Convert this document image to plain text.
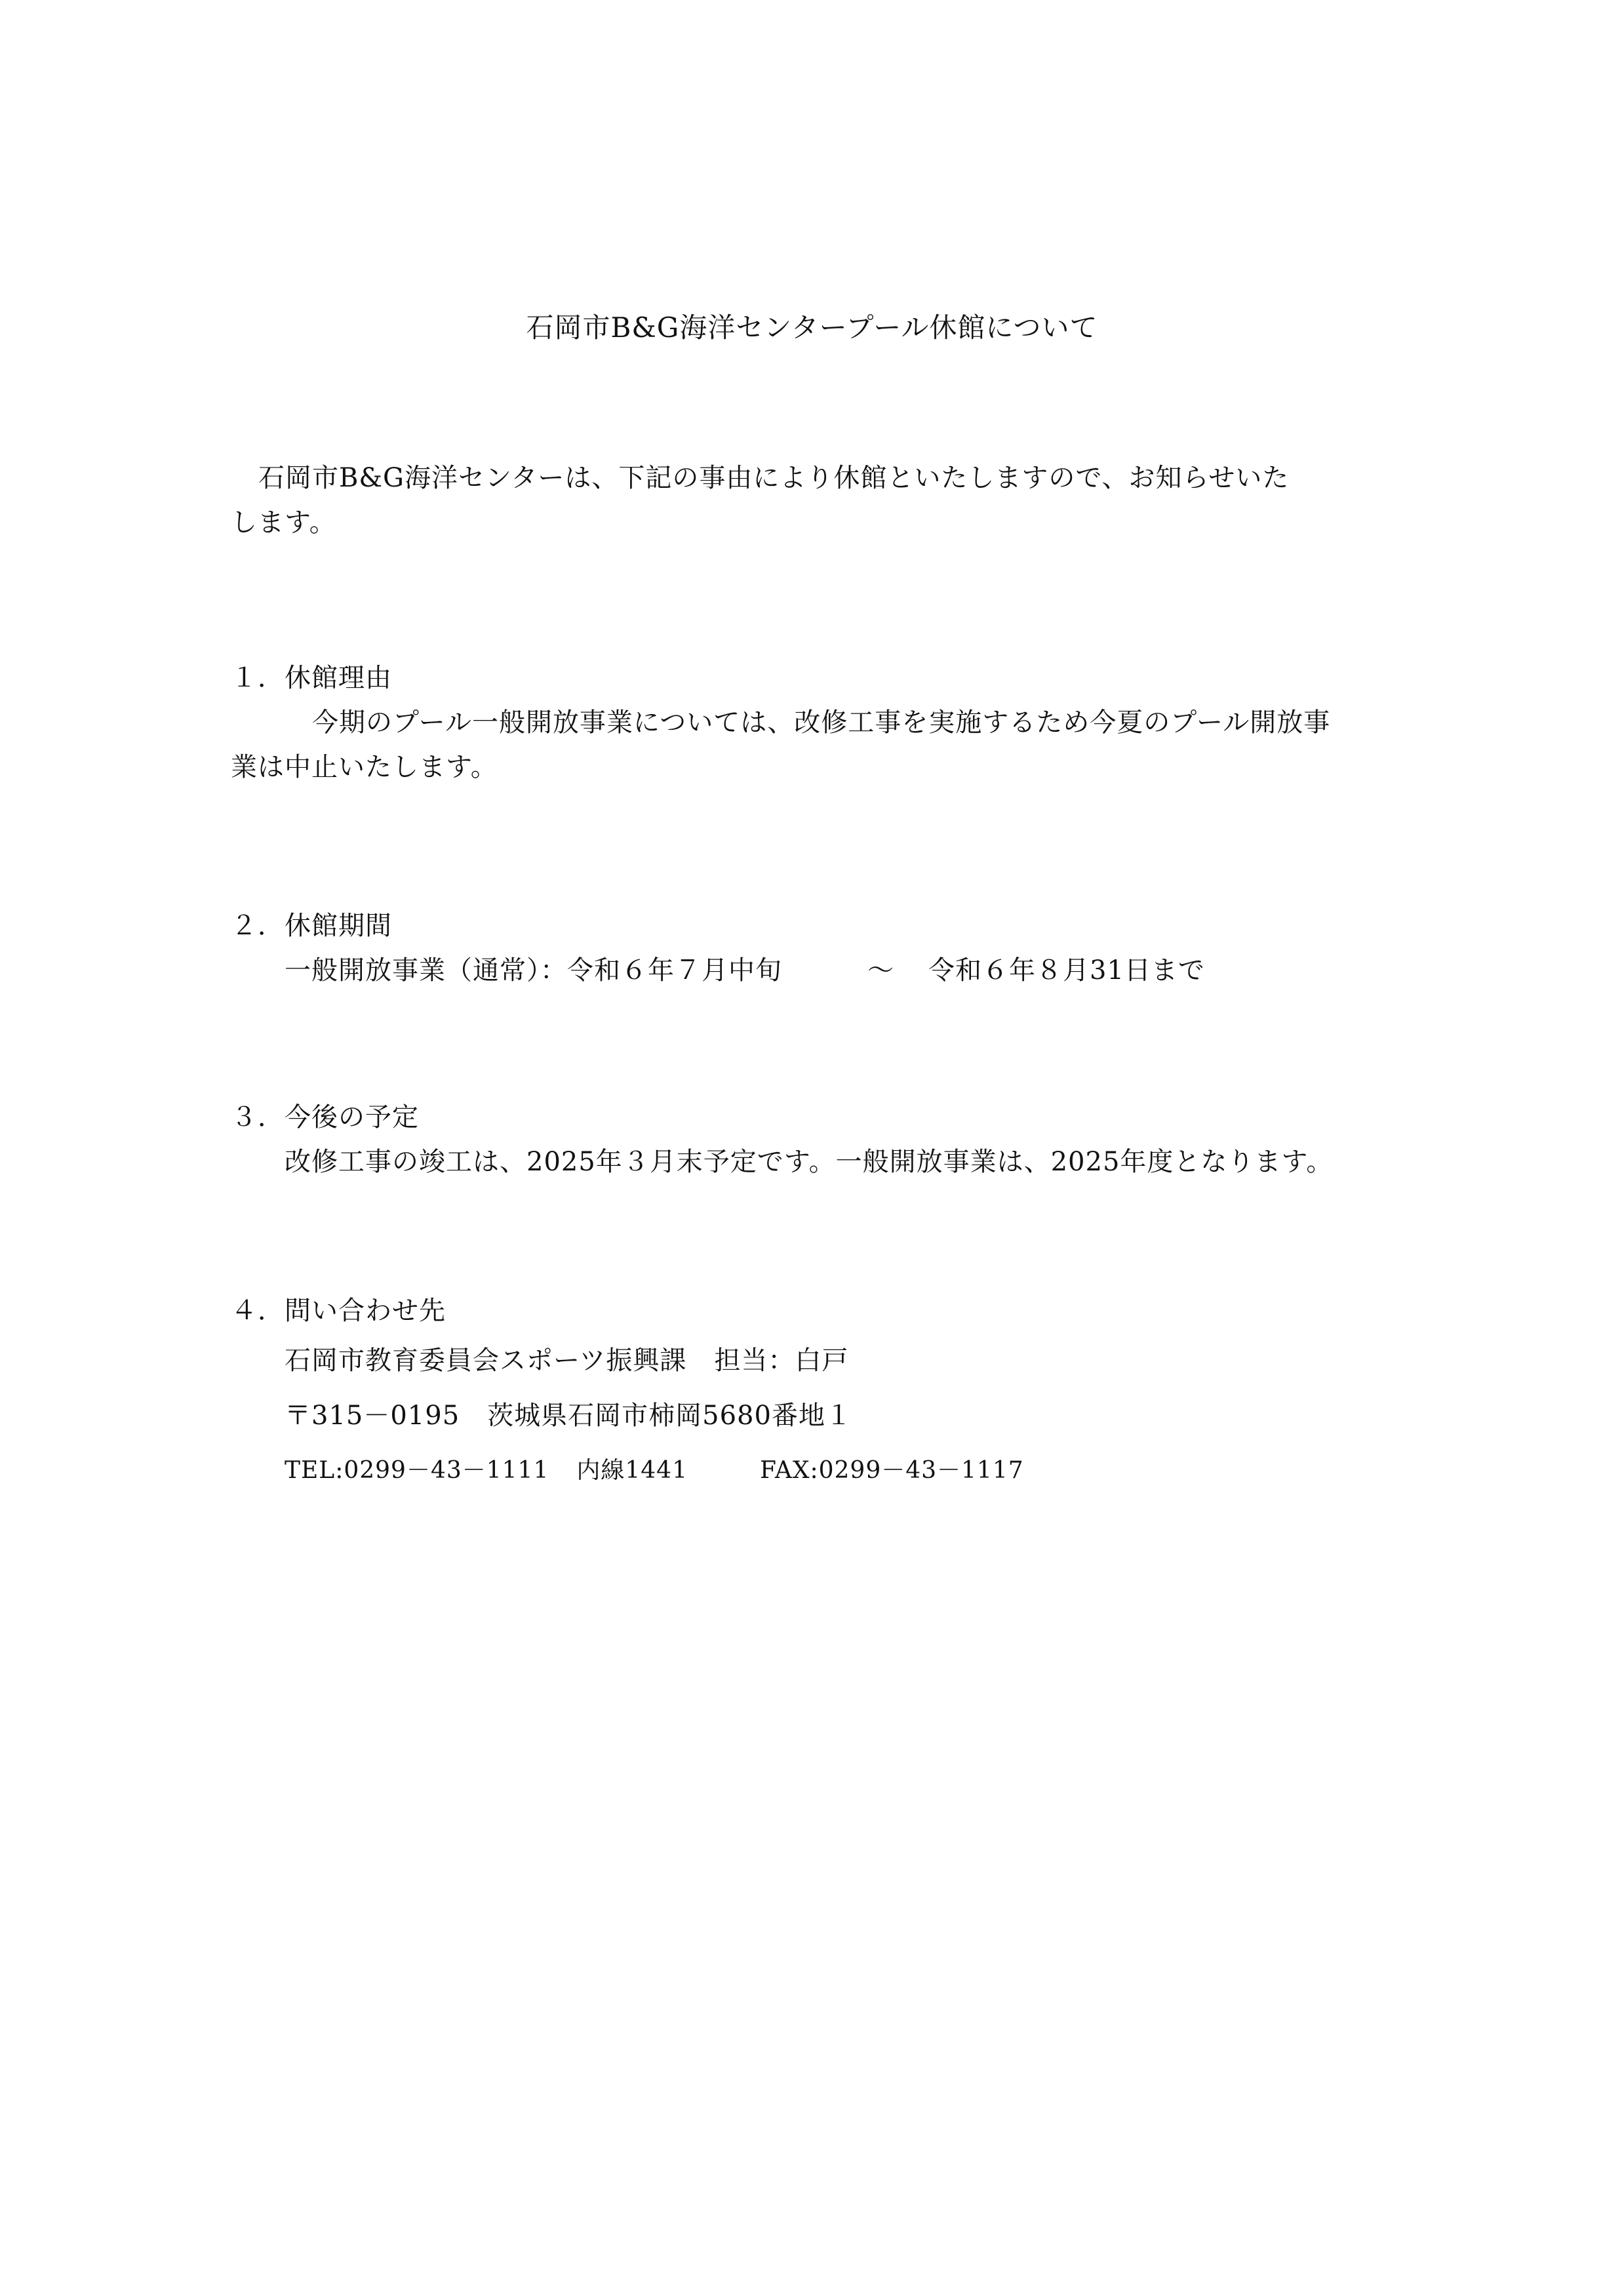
石岡市B&G海洋センタープール休館について
石岡市B&G海洋センターは、下記の事由により休館といたしますので、お知らせいた
します。
１．休館理由
今期のプール一般開放事業については、改修工事を実施するため今夏のプール開放事
業は中止いたします。
２．休館期間
一般開放事業（通常）：令和６年７月中旬	～ 令和６年８月31日まで
３．今後の予定
改修工事の竣工は、2025年３月末予定です。一般開放事業は、2025年度となります。
４．問い合わせ先
石岡市教育委員会スポーツ振興課 担当：白戸
〒315－0195 茨城県石岡市柿岡5680番地１
TEL:0299－43－1111 内線1441	FAX:0299－43－1117
